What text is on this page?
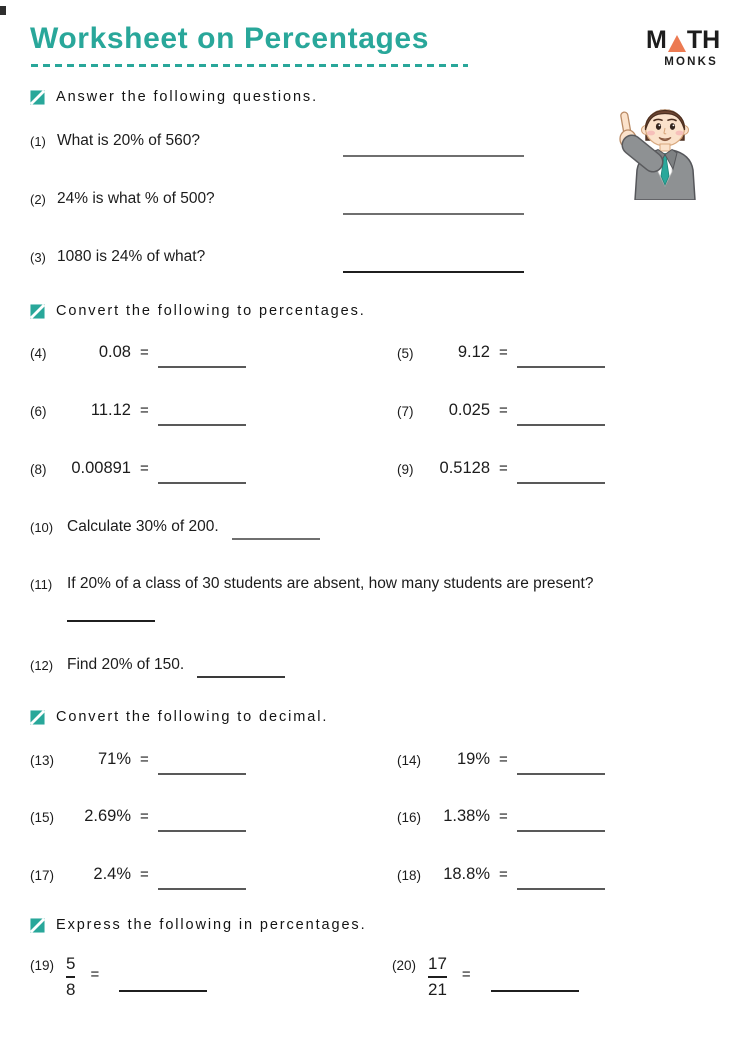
Worksheet on Percentages	M TH
MONKS
Answer the following questions.
(1) What is 20% of 560?
(2) 24% is what % of 500?
(3) 1080 is 24% of what?
Convert the following to percentages.
(4)	0.08 =	(5)	9.12 =
(6)	11.12 =	(7)	0.025 =
(8)	0.00891 =	(9)	0.5128 =
(10) Calculate 30% of 200.
(11) If 20% of a class of 30 students are absent, how many students are present?
(12) Find 20% of 150.
Convert the following to decimal.
(13)	71% =	(14)	19% =
(15)	2.69% =	(16)	1.38% =
(17)	2.4% =	(18)	18.8% =
Express the following in percentages.
$(19) \frac{5}{8}$ =
$(20) \frac{17}{21}$ =
